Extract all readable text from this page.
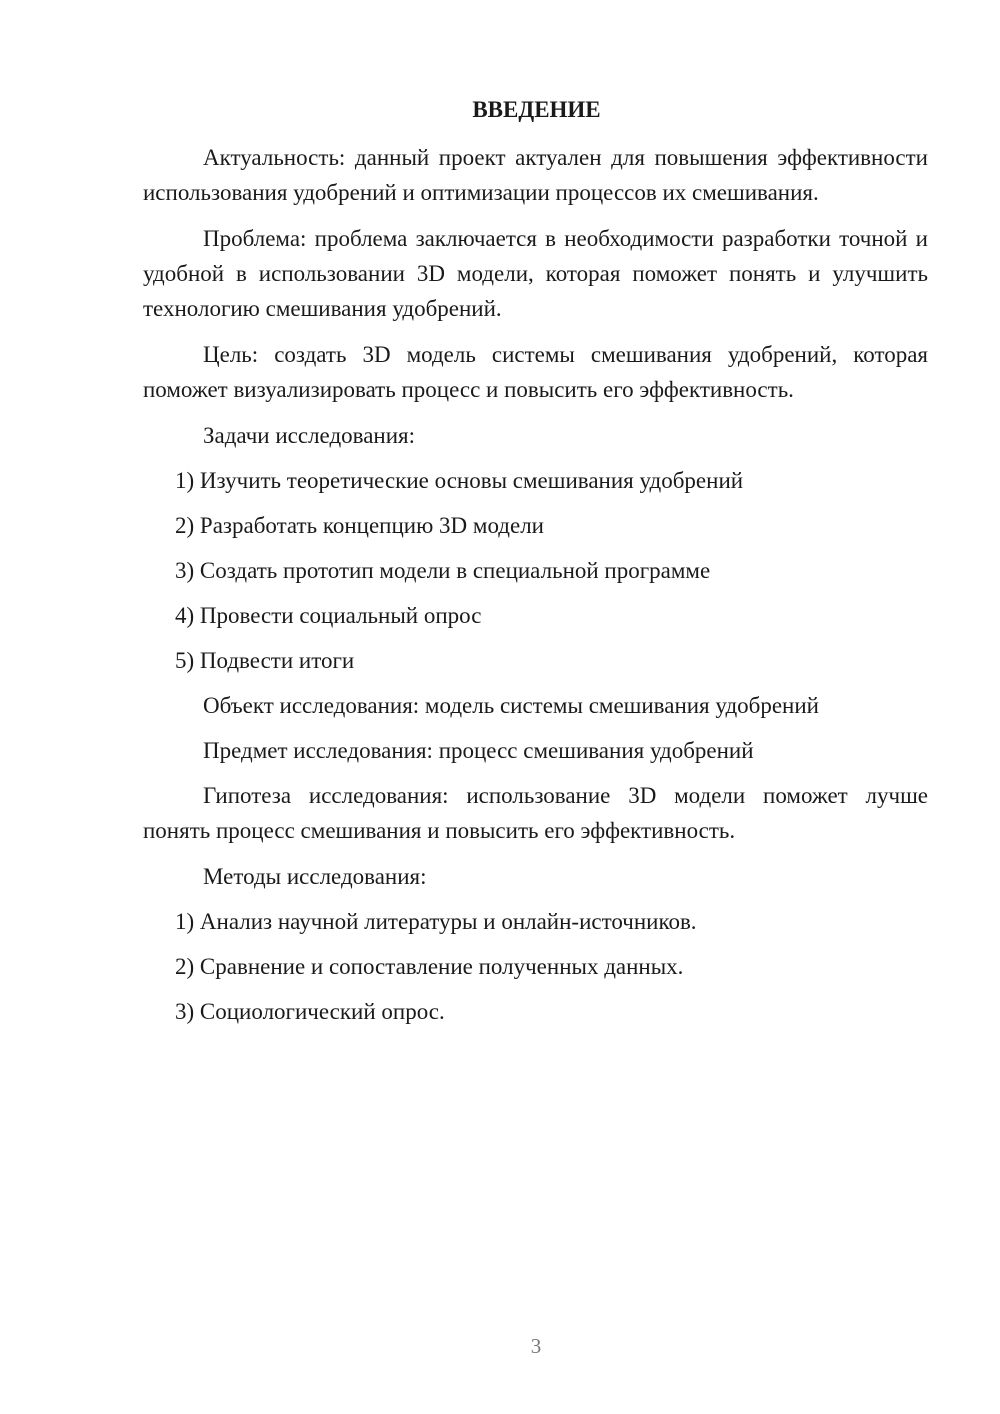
ВВЕДЕНИЕ

Актуальность: данный проект актуален для повышения эффективности использования удобрений и оптимизации процессов их смешивания.

Проблема: проблема заключается в необходимости разработки точной и удобной в использовании 3D модели, которая поможет понять и улучшить технологию смешивания удобрений.

Цель: создать 3D модель системы смешивания удобрений, которая поможет визуализировать процесс и повысить его эффективность.

Задачи исследования:

1) Изучить теоретические основы смешивания удобрений

2) Разработать концепцию 3D модели

3) Создать прототип модели в специальной программе

4) Провести социальный опрос

5) Подвести итоги

Объект исследования: модель системы смешивания удобрений

Предмет исследования: процесс смешивания удобрений

Гипотеза исследования: использование 3D модели поможет лучше понять процесс смешивания и повысить его эффективность.

Методы исследования:

1) Анализ научной литературы и онлайн-источников.

2) Сравнение и сопоставление полученных данных.

3) Социологический опрос.

3
